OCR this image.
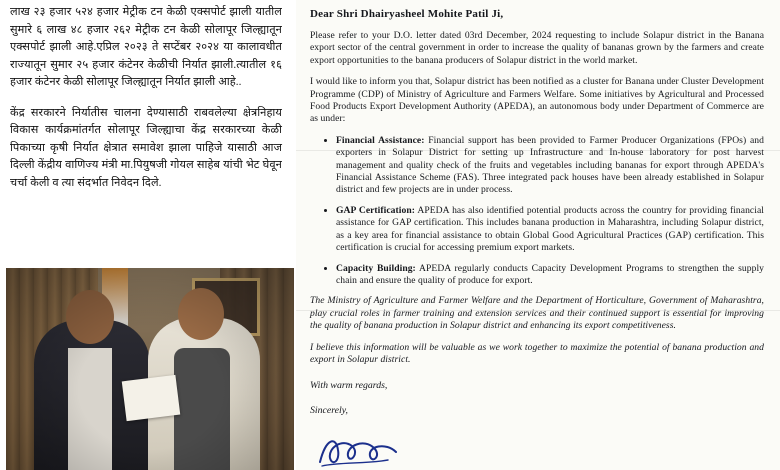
लाख २३ हजार ५२४ हजार मेट्रीक टन केळी एक्सपोर्ट झाली यातील सुमारे ६ लाख ४८ हजार २६२ मेट्रीक टन केळी सोलापूर जिल्ह्यातून एक्सपोर्ट झाली आहे.एप्रिल २०२३ ते सप्टेंबर २०२४ या कालावधीत राज्यातून सुमार २५ हजार कंटेनर केळीची निर्यात झाली.त्यातील १६ हजार कंटेनर केळी सोलापूर जिल्ह्यातून निर्यात झाली आहे..

केंद्र सरकारने निर्यातीस चालना देण्यासाठी राबवलेल्या क्षेत्रनिहाय विकास कार्यक्रमांतर्गत सोलापूर जिल्ह्याचा केंद्र सरकारच्या केळी पिकाच्या कृषी निर्यात क्षेत्रात समावेश झाला पाहिजे यासाठी आज दिल्ली केंद्रीय वाणिज्य मंत्री मा.पियुषजी गोयल साहेब यांची भेट घेवून चर्चा केली व त्या संदर्भात निवेदन दिले.

Dear Shri Dhairyasheel Mohite Patil Ji,

Please refer to your D.O. letter dated 03rd December, 2024 requesting to include Solapur district in the Banana export sector of the central government in order to increase the quality of bananas grown by the farmers and create export opportunities to the banana producers of Solapur district in the world market.

I would like to inform you that, Solapur district has been notified as a cluster for Banana under Cluster Development Programme (CDP) of Ministry of Agriculture and Farmers Welfare. Some initiatives by Agricultural and Processed Food Products Export Development Authority (APEDA), an autonomous body under Department of Commerce are as under:

• Financial Assistance: Financial support has been provided to Farmer Producer Organizations (FPOs) and exporters in Solapur District for setting up Infrastructure and In-house laboratory for post harvest management and quality check of the fruits and vegetables including bananas for export through APEDA's Financial Assistance Scheme (FAS). Three integrated pack houses have been already established in Solapur district and few projects are in under process.
• GAP Certification: APEDA has also identified potential products across the country for providing financial assistance for GAP certification. This includes banana production in Maharashtra, including Solapur district, as a key area for financial assistance to obtain Global Good Agricultural Practices (GAP) certification. This certification is crucial for accessing premium export markets.
• Capacity Building: APEDA regularly conducts Capacity Development Programs to strengthen the supply chain and ensure the quality of produce for export.

The Ministry of Agriculture and Farmer Welfare and the Department of Horticulture, Government of Maharashtra, play crucial roles in farmer training and extension services and their continued support is essential for improving the quality of banana production in Solapur district and enhancing its export competitiveness.

I believe this information will be valuable as we work together to maximize the potential of banana production and export in Solapur district.

With warm regards,
Sincerely,
